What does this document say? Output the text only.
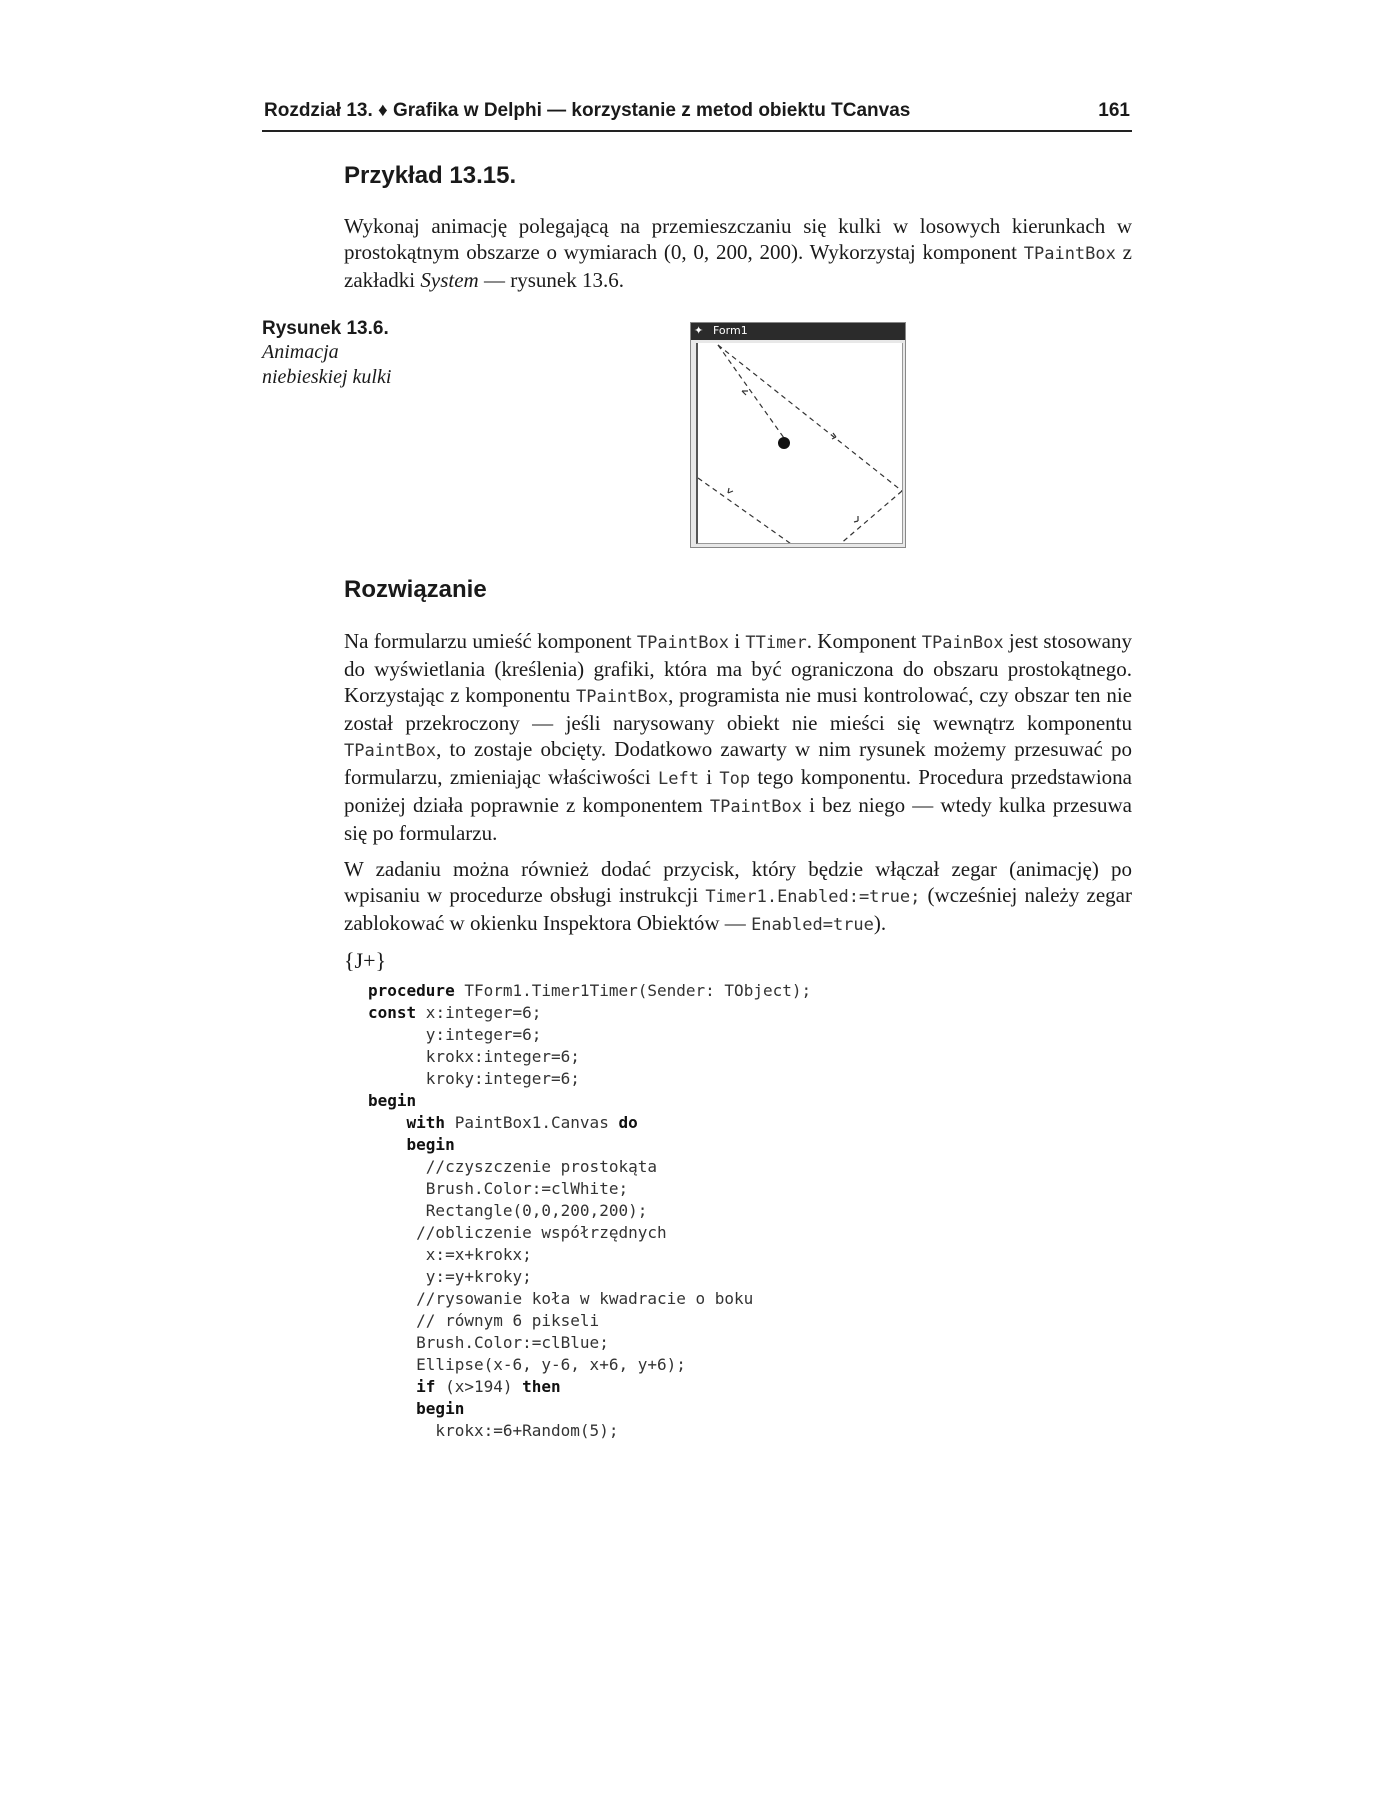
Rozdział 13. ♦ Grafika w Delphi — korzystanie z metod obiektu TCanvas	161
Przykład 13.15.

Wykonaj animację polegającą na przemieszczaniu się kulki w losowych kierunkach w prostokątnym obszarze o wymiarach (0, 0, 200, 200). Wykorzystaj komponent TPaintBox z zakładki System — rysunek 13.6.

Rysunek 13.6.
Animacja
niebieskiej kulki
✦ Form1
Rozwiązanie

Na formularzu umieść komponent TPaintBox i TTimer. Komponent TPainBox jest stosowany do wyświetlania (kreślenia) grafiki, która ma być ograniczona do obszaru prostokątnego. Korzystając z komponentu TPaintBox, programista nie musi kontrolować, czy obszar ten nie został przekroczony — jeśli narysowany obiekt nie mieści się wewnątrz komponentu TPaintBox, to zostaje obcięty. Dodatkowo zawarty w nim rysunek możemy przesuwać po formularzu, zmieniając właściwości Left i Top tego komponentu. Procedura przedstawiona poniżej działa poprawnie z komponentem TPaintBox i bez niego — wtedy kulka przesuwa się po formularzu.

W zadaniu można również dodać przycisk, który będzie włączał zegar (animację) po wpisaniu w procedurze obsługi instrukcji Timer1.Enabled:=true; (wcześniej należy zegar zablokować w okienku Inspektora Obiektów — Enabled=true).

{J+}
procedure TForm1.Timer1Timer(Sender: TObject);
const x:integer=6;
y:integer=6;
krokx:integer=6;
kroky:integer=6;
begin
with PaintBox1.Canvas do
begin
//czyszczenie prostokąta
Brush.Color:=clWhite;
Rectangle(0,0,200,200);
//obliczenie współrzędnych
x:=x+krokx;
y:=y+kroky;
//rysowanie koła w kwadracie o boku
// równym 6 pikseli
Brush.Color:=clBlue;
Ellipse(x-6, y-6, x+6, y+6);
if (x>194) then
begin
krokx:=6+Random(5);
